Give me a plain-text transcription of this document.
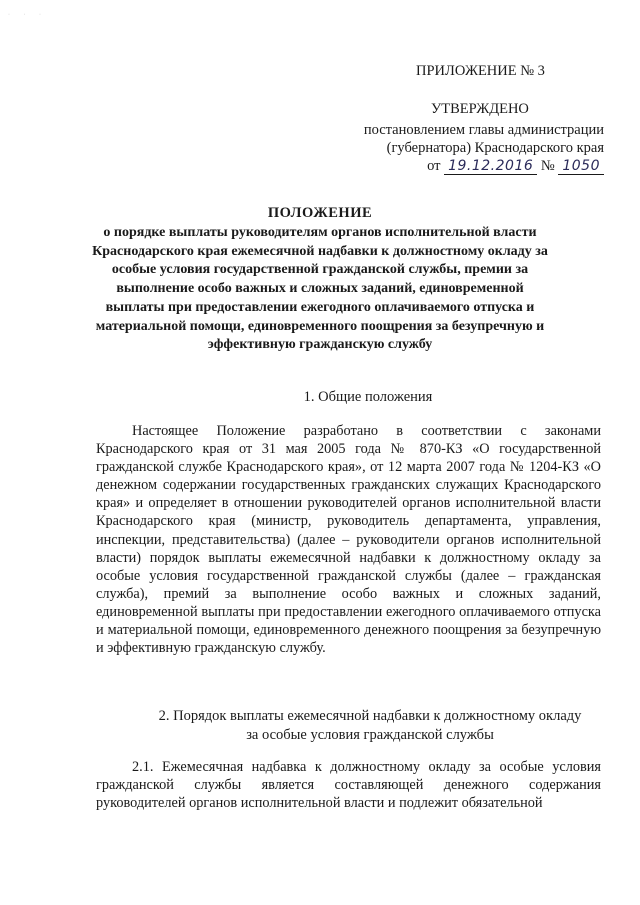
· · ·
ПРИЛОЖЕНИЕ № 3
УТВЕРЖДЕНО
постановлением главы администрации
(губернатора) Краснодарского края
от 19.12.2016 № 1050
ПОЛОЖЕНИЕ
о порядке выплаты руководителям органов исполнительной власти Краснодарского края ежемесячной надбавки к должностному окладу за особые условия государственной гражданской службы, премии за выполнение особо важных и сложных заданий, единовременной выплаты при предоставлении ежегодного оплачиваемого отпуска и материальной помощи, единовременного поощрения за безупречную и эффективную гражданскую службу
1. Общие положения
Настоящее Положение разработано в соответствии с законами Краснодарского края от 31 мая 2005 года № 870-КЗ «О государственной гражданской службе Краснодарского края», от 12 марта 2007 года № 1204-КЗ «О денежном содержании государственных гражданских служащих Краснодарского края» и определяет в отношении руководителей органов исполнительной власти Краснодарского края (министр, руководитель департамента, управления, инспекции, представительства) (далее – руководители органов исполнительной власти) порядок выплаты ежемесячной надбавки к должностному окладу за особые условия государственной гражданской службы (далее – гражданская служба), премий за выполнение особо важных и сложных заданий, единовременной выплаты при предоставлении ежегодного оплачиваемого отпуска и материальной помощи, единовременного денежного поощрения за безупречную и эффективную гражданскую службу.
2. Порядок выплаты ежемесячной надбавки к должностному окладу
за особые условия гражданской службы
2.1. Ежемесячная надбавка к должностному окладу за особые условия гражданской службы является составляющей денежного содержания руководителей органов исполнительной власти и подлежит обязательной
